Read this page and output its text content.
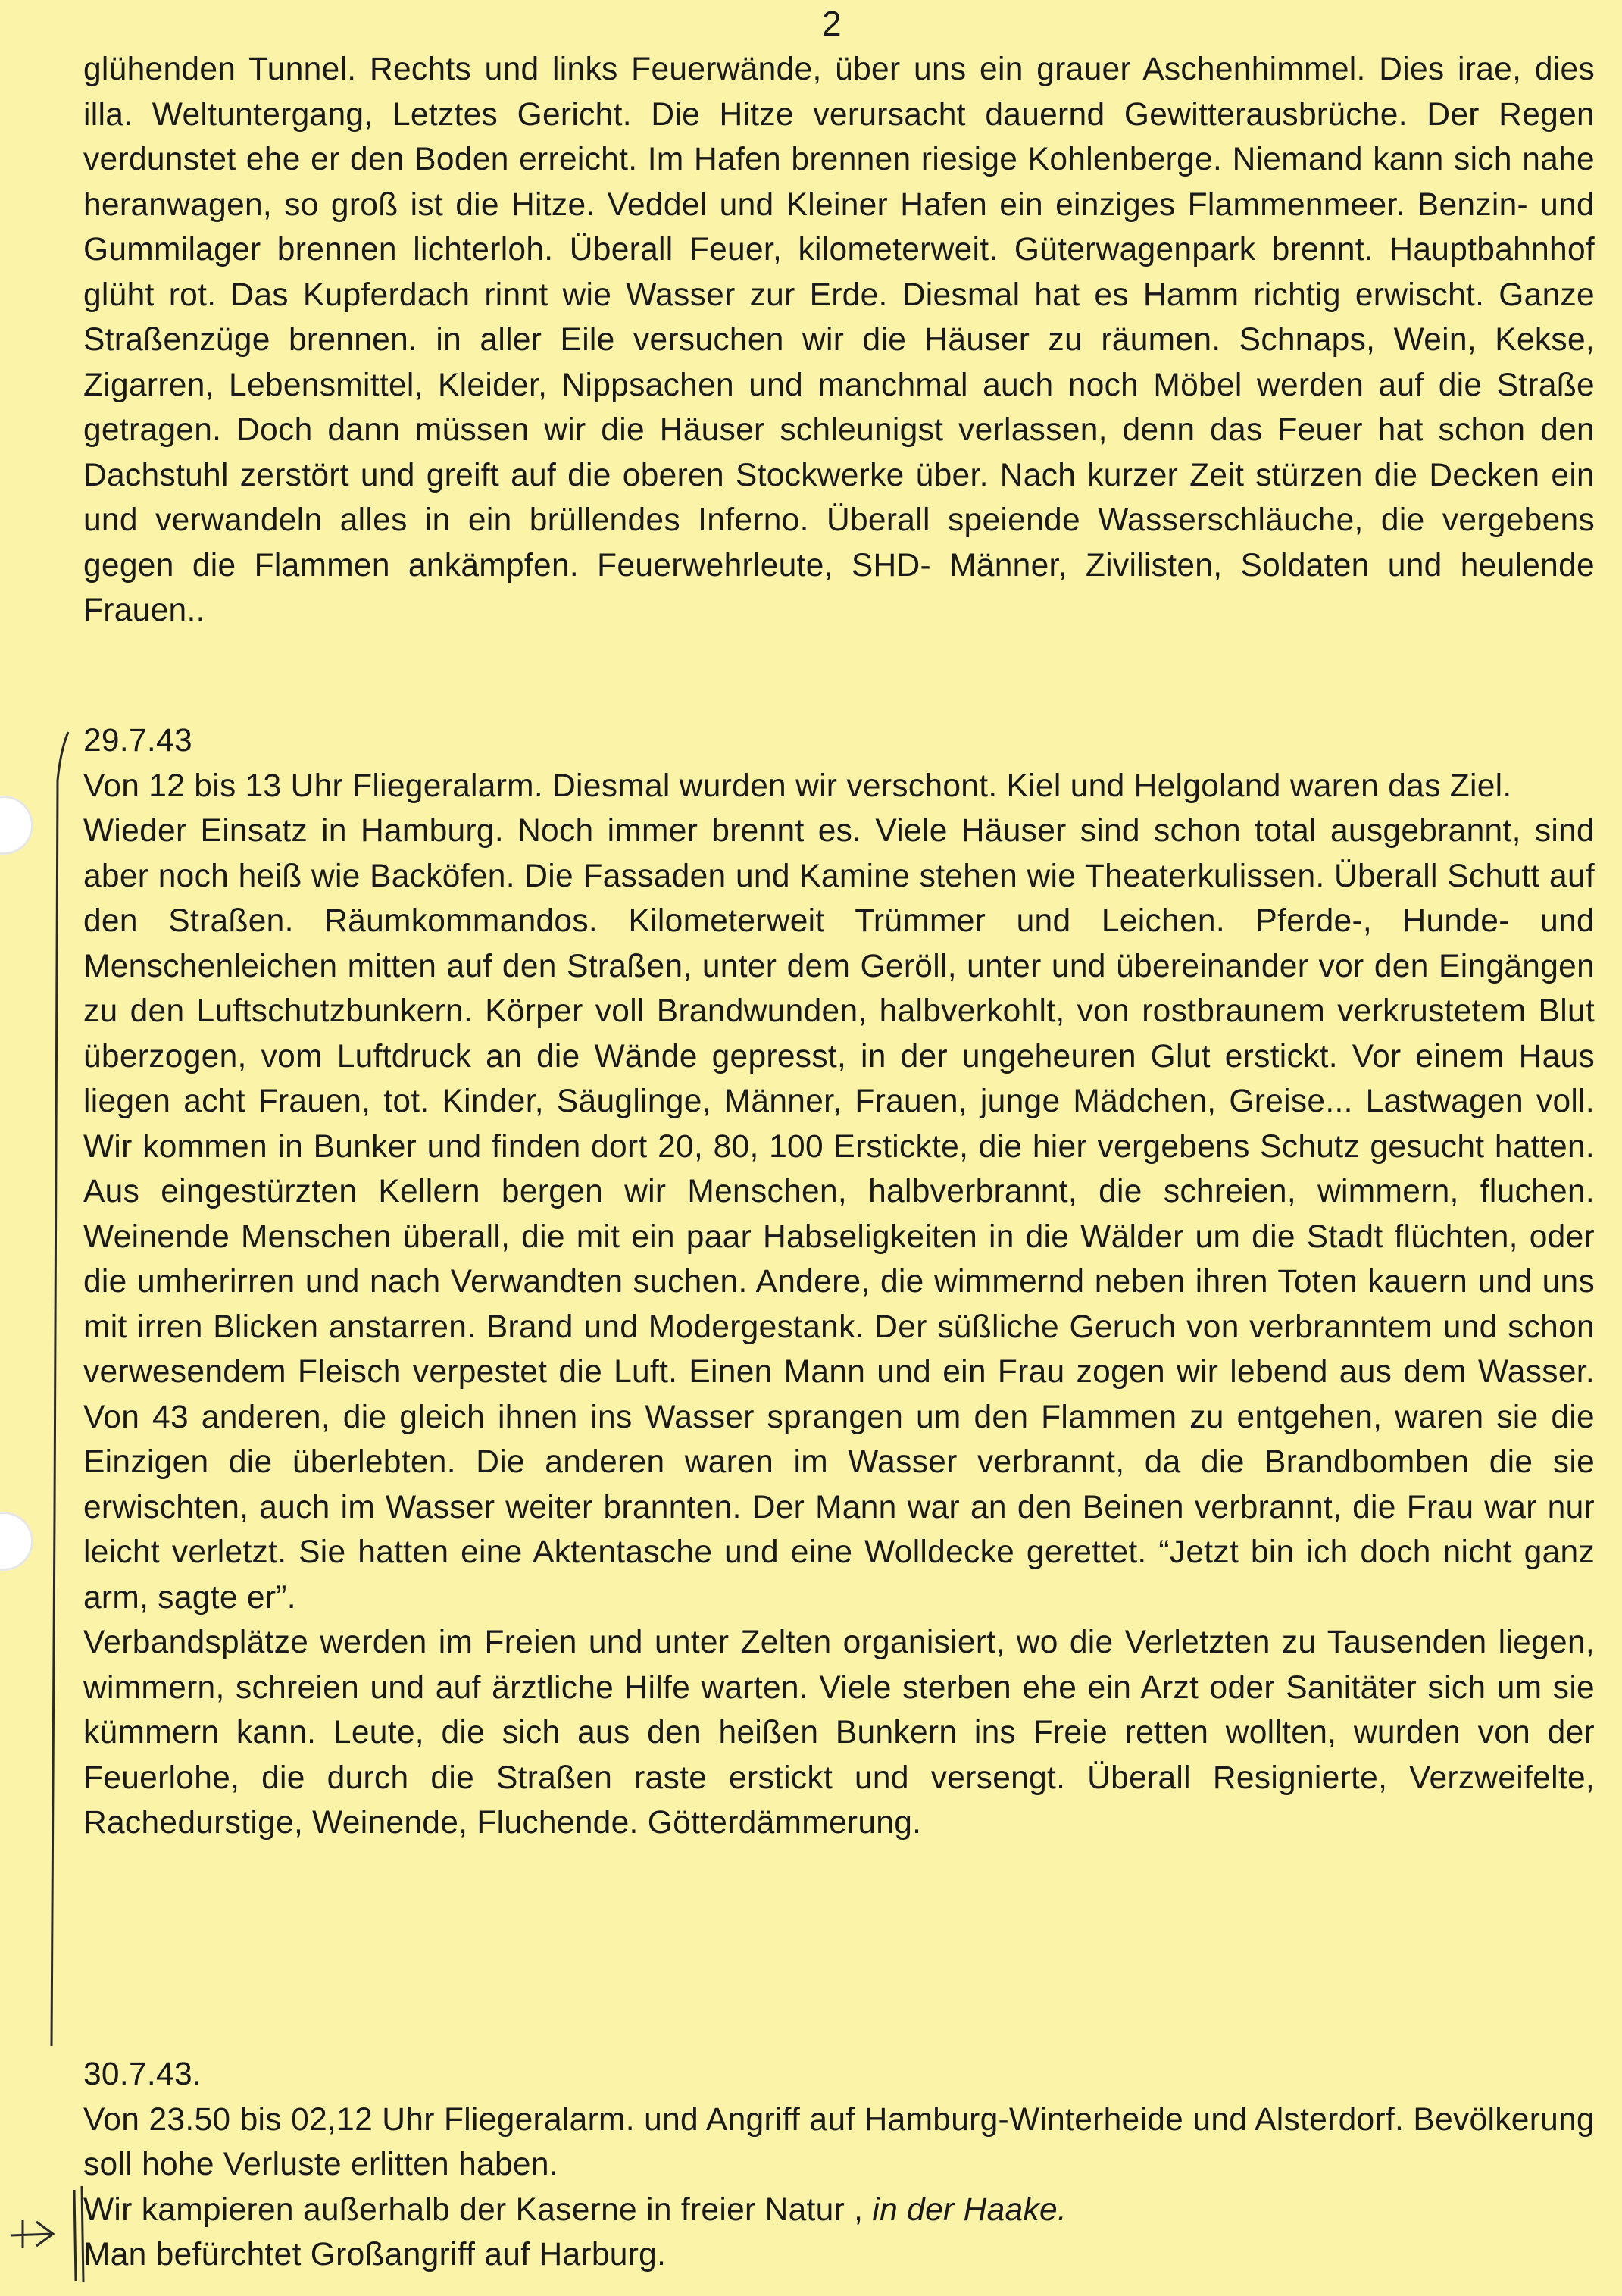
2

glühenden Tunnel. Rechts und links Feuerwände, über uns ein grauer Aschenhimmel. Dies irae, dies illa. Weltuntergang, Letztes Gericht. Die Hitze verursacht dauernd Gewitterausbrüche. Der Regen verdunstet ehe er den Boden erreicht. Im Hafen brennen riesige Kohlenberge. Niemand kann sich nahe heranwagen, so groß ist die Hitze. Veddel und Kleiner Hafen ein einziges Flammenmeer. Benzin- und Gummilager brennen lichterloh. Überall Feuer, kilometerweit. Güterwagenpark brennt. Hauptbahnhof glüht rot. Das Kupferdach rinnt wie Wasser zur Erde. Diesmal hat es Hamm richtig erwischt. Ganze Straßenzüge brennen. in aller Eile versuchen wir die Häuser zu räumen. Schnaps, Wein, Kekse, Zigarren, Lebensmittel, Kleider, Nippsachen und manchmal auch noch Möbel werden auf die Straße getragen. Doch dann müssen wir die Häuser schleunigst verlassen, denn das Feuer hat schon den Dachstuhl zerstört und greift auf die oberen Stockwerke über. Nach kurzer Zeit stürzen die Decken ein und verwandeln alles in ein brüllendes Inferno. Überall speiende Wasserschläuche, die vergebens gegen die Flammen ankämpfen. Feuerwehrleute, SHD- Männer, Zivilisten, Soldaten und heulende Frauen..

29.7.43

Von 12 bis 13 Uhr Fliegeralarm. Diesmal wurden wir verschont. Kiel und Helgoland waren das Ziel.

Wieder Einsatz in Hamburg. Noch immer brennt es. Viele Häuser sind schon total ausgebrannt, sind aber noch heiß wie Backöfen. Die Fassaden und Kamine stehen wie Theaterkulissen. Überall Schutt auf den Straßen. Räumkommandos. Kilometerweit Trümmer und Leichen. Pferde-, Hunde- und Menschenleichen mitten auf den Straßen, unter dem Geröll, unter und übereinander vor den Eingängen zu den Luftschutzbunkern. Körper voll Brandwunden, halbverkohlt, von rostbraunem verkrustetem Blut überzogen, vom Luftdruck an die Wände gepresst, in der ungeheuren Glut erstickt. Vor einem Haus liegen acht Frauen, tot. Kinder, Säuglinge, Männer, Frauen, junge Mädchen, Greise... Lastwagen voll. Wir kommen in Bunker und finden dort 20, 80, 100 Erstickte, die hier vergebens Schutz gesucht hatten. Aus eingestürzten Kellern bergen wir Menschen, halbverbrannt, die schreien, wimmern, fluchen. Weinende Menschen überall, die mit ein paar Habseligkeiten in die Wälder um die Stadt flüchten, oder die umherirren und nach Verwandten suchen. Andere, die wimmernd neben ihren Toten kauern und uns mit irren Blicken anstarren. Brand und Modergestank. Der süßliche Geruch von verbranntem und schon verwesendem Fleisch verpestet die Luft. Einen Mann und ein Frau zogen wir lebend aus dem Wasser. Von 43 anderen, die gleich ihnen ins Wasser sprangen um den Flammen zu entgehen, waren sie die Einzigen die überlebten. Die anderen waren im Wasser verbrannt, da die Brandbomben die sie erwischten, auch im Wasser weiter brannten. Der Mann war an den Beinen verbrannt, die Frau war nur leicht verletzt. Sie hatten eine Aktentasche und eine Wolldecke gerettet. “Jetzt bin ich doch nicht ganz arm, sagte er”.

Verbandsplätze werden im Freien und unter Zelten organisiert, wo die Verletzten zu Tausenden liegen, wimmern, schreien und auf ärztliche Hilfe warten. Viele sterben ehe ein Arzt oder Sanitäter sich um sie kümmern kann. Leute, die sich aus den heißen Bunkern ins Freie retten wollten, wurden von der Feuerlohe, die durch die Straßen raste erstickt und versengt. Überall Resignierte, Verzweifelte, Rachedurstige, Weinende, Fluchende. Götterdämmerung.

30.7.43.

Von 23.50 bis 02,12 Uhr Fliegeralarm. und Angriff auf Hamburg-Winterheide und Alsterdorf. Bevölkerung soll hohe Verluste erlitten haben.

Wir kampieren außerhalb der Kaserne in freier Natur , in der Haake.

Man befürchtet Großangriff auf Harburg.
